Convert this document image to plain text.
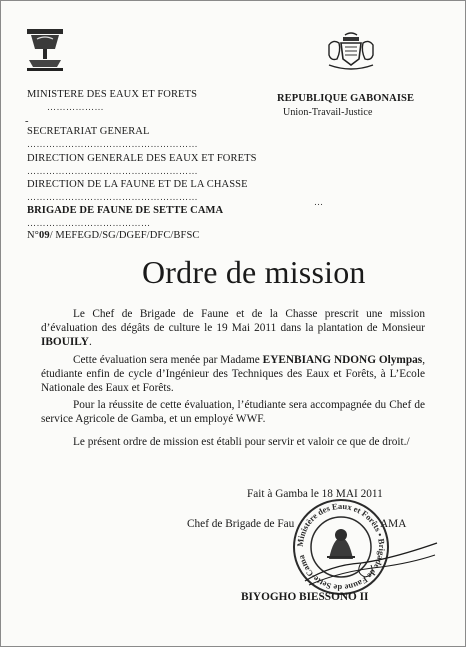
MINISTERE DES EAUX ET FORETS
………………
-
SECRETARIAT GENERAL
………………………………………………
DIRECTION GENERALE DES EAUX ET FORETS
………………………………………………
DIRECTION DE LA FAUNE ET DE LA CHASSE
………………………………………………
BRIGADE DE FAUNE DE SETTE CAMA
…………………………………
N°09/ MEFEGD/SG/DGEF/DFC/BFSC
REPUBLIQUE GABONAISE
Union-Travail-Justice
…
Ordre de mission

Le Chef de Brigade de Faune et de la Chasse prescrit une mission d’évaluation des dégâts de culture le 19 Mai 2011 dans la plantation de Monsieur IBOUILY.

Cette évaluation sera menée par Madame EYENBIANG NDONG Olympas, étudiante enfin de cycle d’Ingénieur des Techniques des Eaux et Forêts, à L’Ecole Nationale des Eaux et Forêts.

Pour la réussite de cette évaluation, l’étudiante sera accompagnée du Chef de service Agricole de Gamba, et un employé WWF.

Le présent ordre de mission est établi pour servir et valoir ce que de droit./

Fait à Gamba le 18 MAI 2011
Chef de Brigade de Fau	AMA
Ministère des Eaux et Forêts • Brigade de Faune de Sette-Cama
BIYOGHO BIESSONO II
